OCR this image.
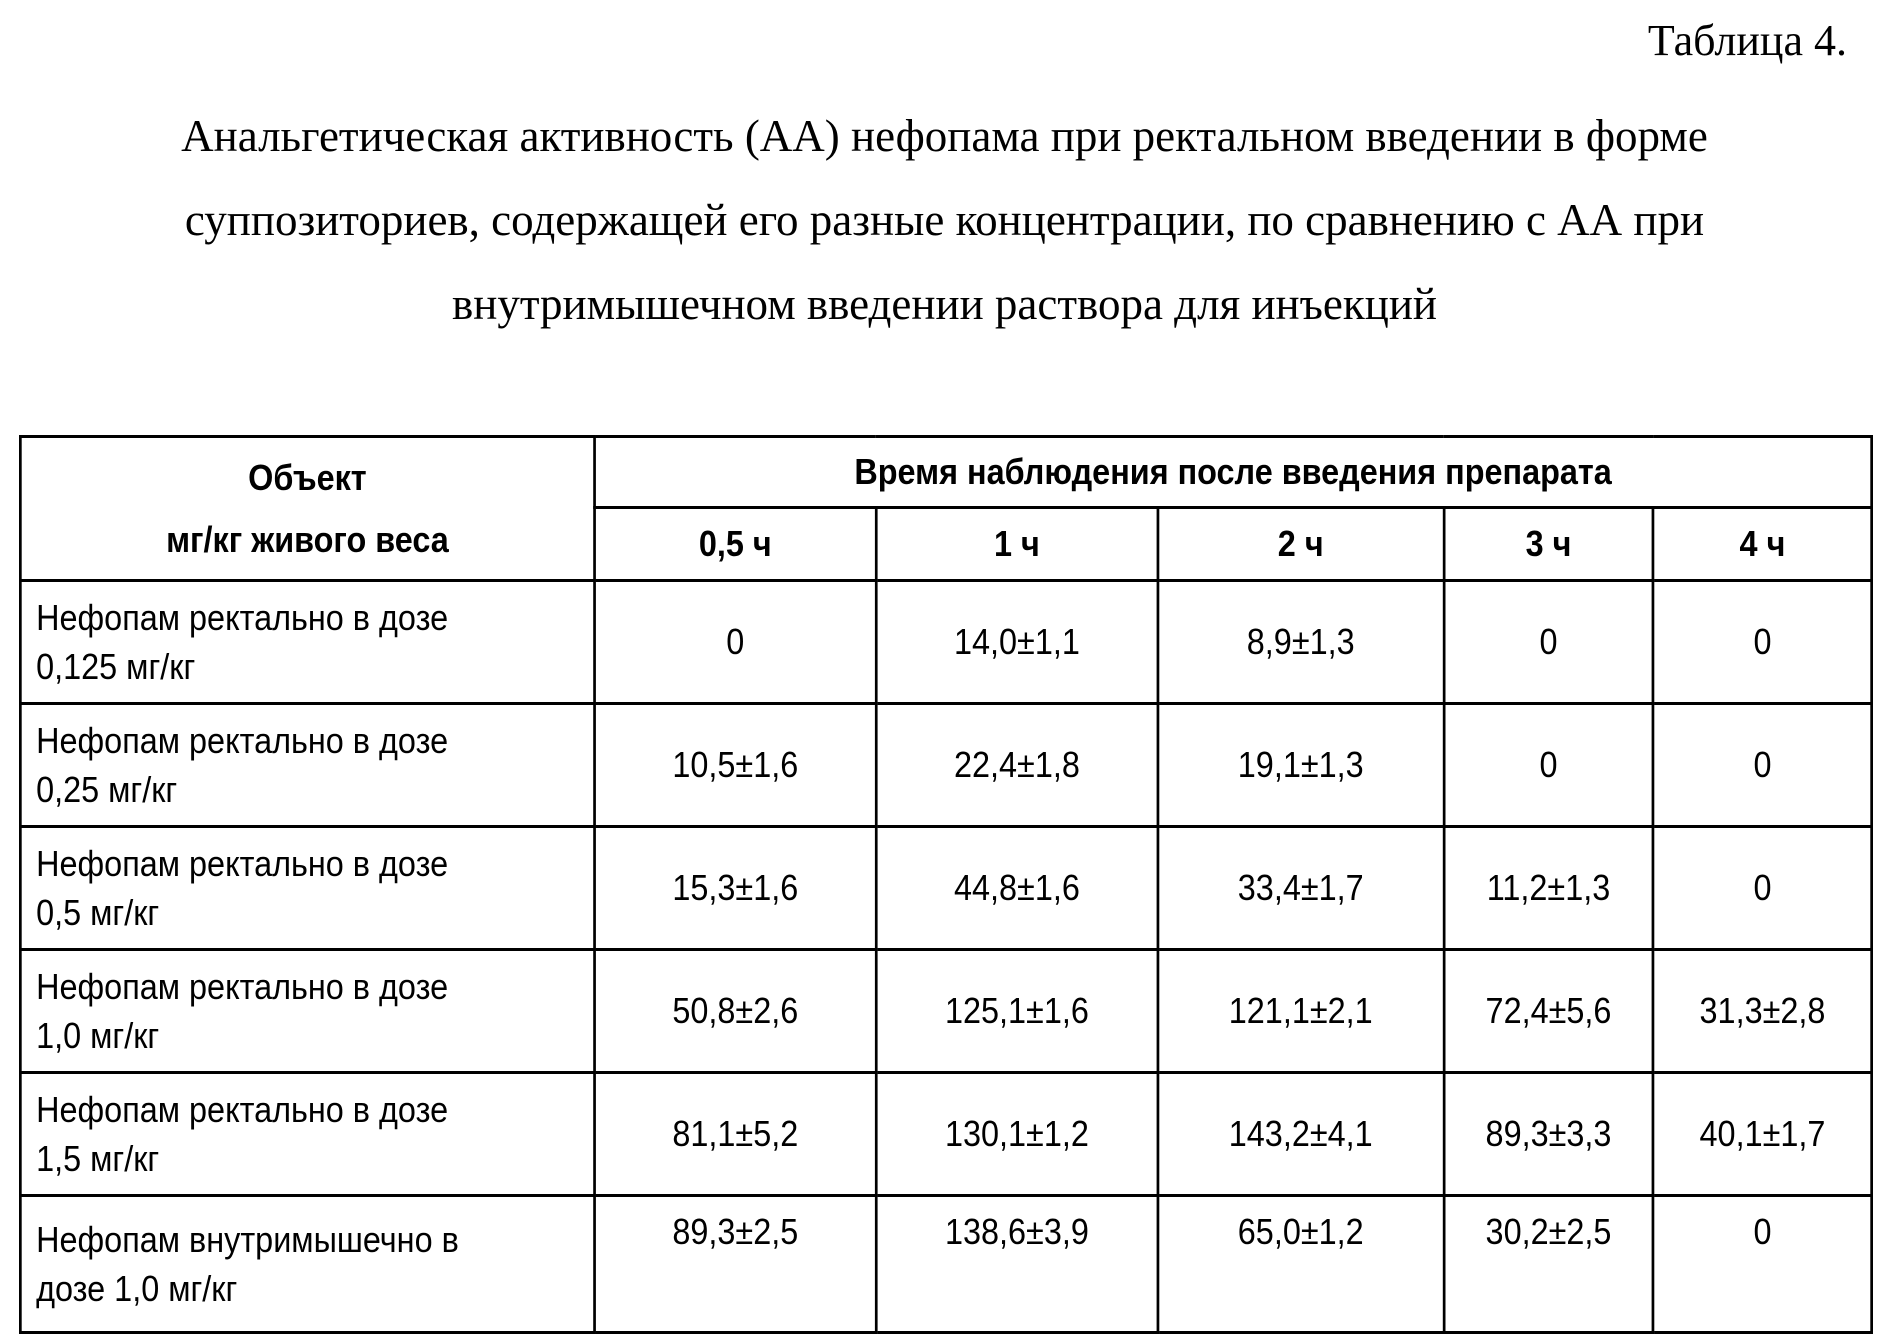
Таблица 4.

Анальгетическая активность (АА) нефопама при ректальном введении в форме
суппозиториев, содержащей его разные концентрации, по сравнению с АА при
внутримышечном введении раствора для инъекций
Объект
мг/кг живого веса	Время наблюдения после введения препарата				
	0,5 ч	1 ч	2 ч	3 ч	4 ч

Нефопам ректально в дозе
0,125 мг/кг	0	14,0±1,1	8,9±1,3	0	0

Нефопам ректально в дозе
0,25 мг/кг	10,5±1,6	22,4±1,8	19,1±1,3	0	0

Нефопам ректально в дозе
0,5 мг/кг	15,3±1,6	44,8±1,6	33,4±1,7	11,2±1,3	0

Нефопам ректально в дозе
1,0 мг/кг	50,8±2,6	125,1±1,6	121,1±2,1	72,4±5,6	31,3±2,8

Нефопам ректально в дозе
1,5 мг/кг	81,1±5,2	130,1±1,2	143,2±4,1	89,3±3,3	40,1±1,7

Нефопам внутримышечно в
дозе 1,0 мг/кг	89,3±2,5	138,6±3,9	65,0±1,2	30,2±2,5	0
